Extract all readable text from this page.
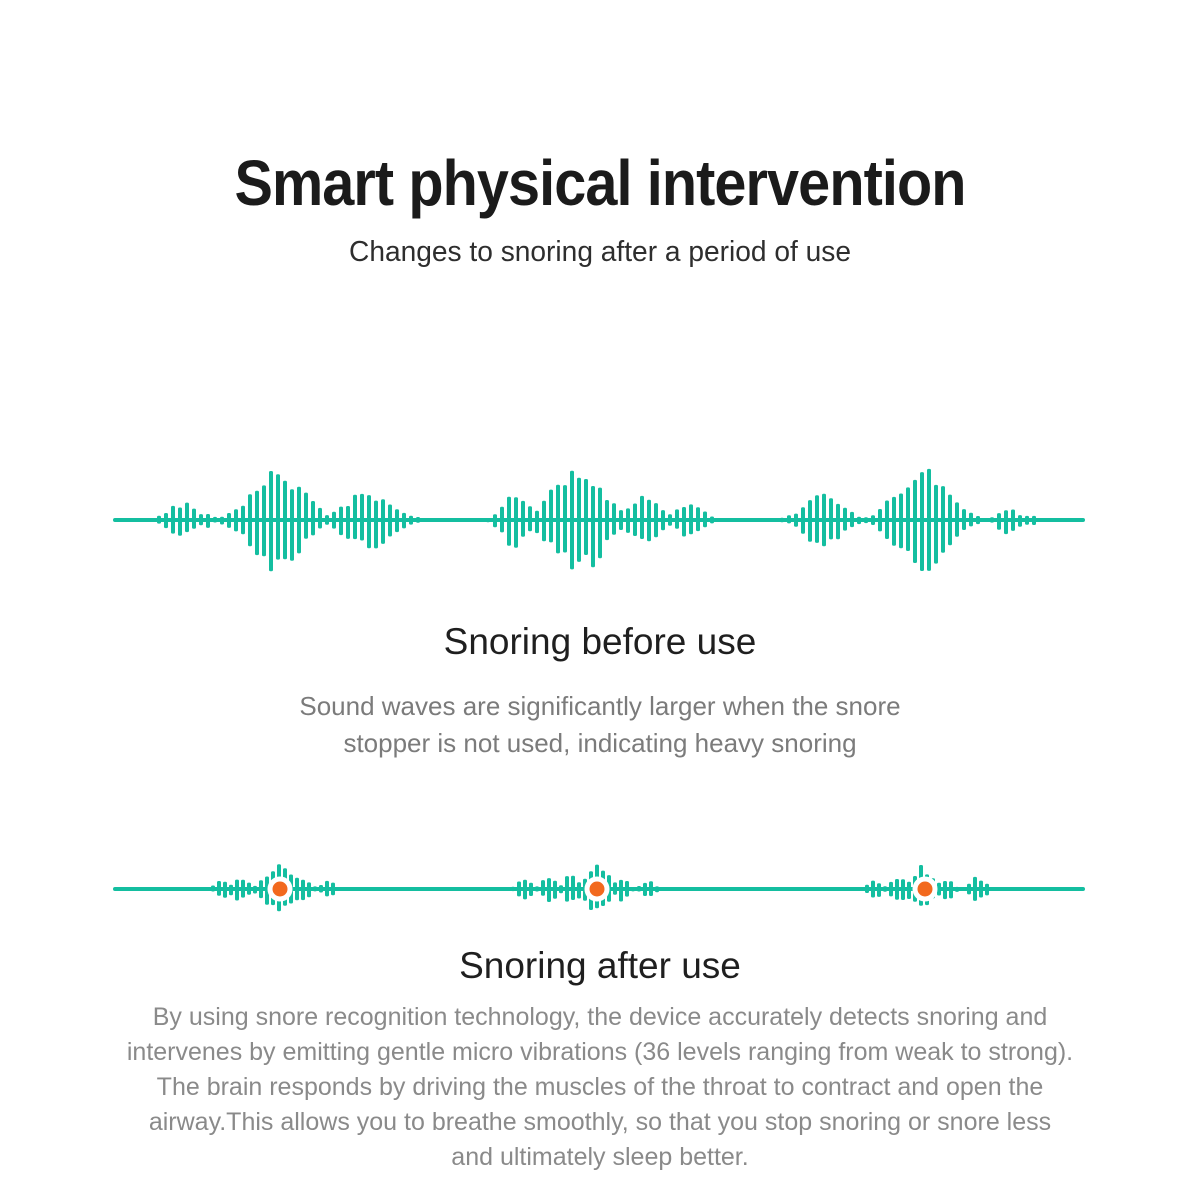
Smart physical intervention
Changes to snoring after a period of use
Snoring before use
Sound waves are significantly larger when the snore
stopper is not used, indicating heavy snoring
Snoring after use
By using snore recognition technology, the device accurately detects snoring and
intervenes by emitting gentle micro vibrations (36 levels ranging from weak to strong).
The brain responds by driving the muscles of the throat to contract and open the
airway.This allows you to breathe smoothly, so that you stop snoring or snore less
and ultimately sleep better.
